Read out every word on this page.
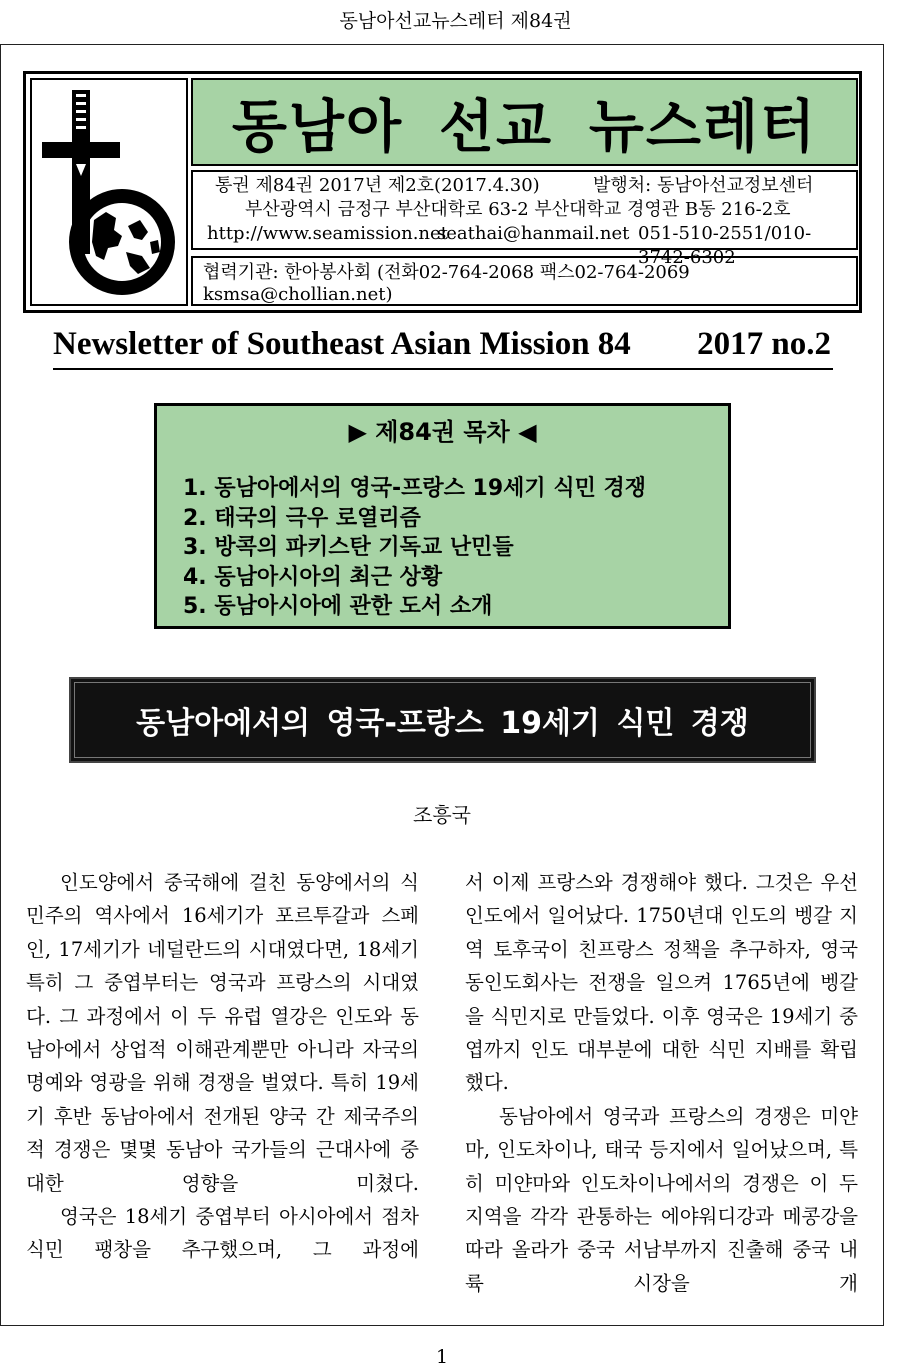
동남아선교뉴스레터 제84권
동남아 선교 뉴스레터
통권 제84권 2017년 제2호(2017.4.30)	발행처: 동남아선교정보센터
부산광역시 금정구 부산대학로 63-2 부산대학교 경영관 B동 216-2호
http://www.seamission.net
seathai@hanmail.net 051-510-2551/010-3742-6302
협력기관: 한아봉사회 (전화02-764-2068 팩스02-764-2069 ksmsa@chollian.net)
Newsletter of Southeast Asian Mission 84 2017 no.2
▶ 제84권 목차 ◀
1. 동남아에서의 영국-프랑스 19세기 식민 경쟁
2. 태국의 극우 로열리즘
3. 방콕의 파키스탄 기독교 난민들
4. 동남아시아의 최근 상황
5. 동남아시아에 관한 도서 소개
동남아에서의 영국-프랑스 19세기 식민 경쟁
조흥국

인도양에서 중국해에 걸친 동양에서의 식민주의 역사에서 16세기가 포르투갈과 스페인, 17세기가 네덜란드의 시대였다면, 18세기 특히 그 중엽부터는 영국과 프랑스의 시대였다. 그 과정에서 이 두 유럽 열강은 인도와 동남아에서 상업적 이해관계뿐만 아니라 자국의 명예와 영광을 위해 경쟁을 벌였다. 특히 19세기 후반 동남아에서 전개된 양국 간 제국주의적 경쟁은 몇몇 동남아 국가들의 근대사에 중대한 영향을 미쳤다.

영국은 18세기 중엽부터 아시아에서 점차 식민 팽창을 추구했으며, 그 과정에

서 이제 프랑스와 경쟁해야 했다. 그것은 우선 인도에서 일어났다. 1750년대 인도의 벵갈 지역 토후국이 친프랑스 정책을 추구하자, 영국동인도회사는 전쟁을 일으켜 1765년에 벵갈을 식민지로 만들었다. 이후 영국은 19세기 중엽까지 인도 대부분에 대한 식민 지배를 확립했다.

동남아에서 영국과 프랑스의 경쟁은 미얀마, 인도차이나, 태국 등지에서 일어났으며, 특히 미얀마와 인도차이나에서의 경쟁은 이 두 지역을 각각 관통하는 에야워디강과 메콩강을 따라 올라가 중국 서남부까지 진출해 중국 내륙 시장을 개

1
